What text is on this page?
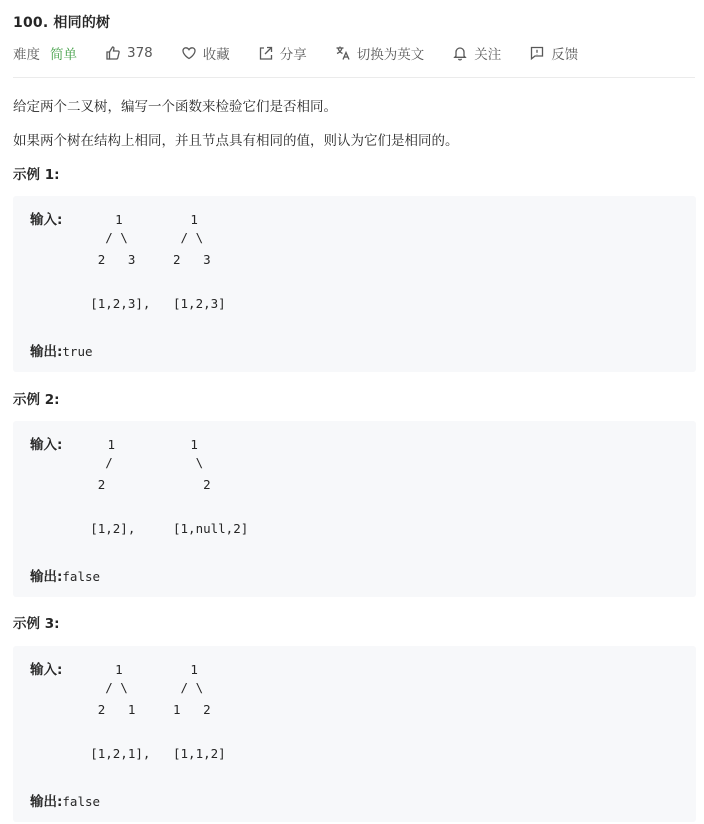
100. 相同的树
难度 简单	378	收藏	分享	切换为英文	关注	反馈
给定两个二叉树，编写一个函数来检验它们是否相同。
如果两个树在结构上相同，并且节点具有相同的值，则认为它们是相同的。
示例 1:
输入:       1         1
/ \       / \
2   3     2   3
[1,2,3],   [1,2,3]
输出:true
示例 2:
输入:      1          1
/           \
2             2
[1,2],     [1,null,2]
输出:false
示例 3:
输入:       1         1
/ \       / \
2   1     1   2
[1,2,1],   [1,1,2]
输出:false
